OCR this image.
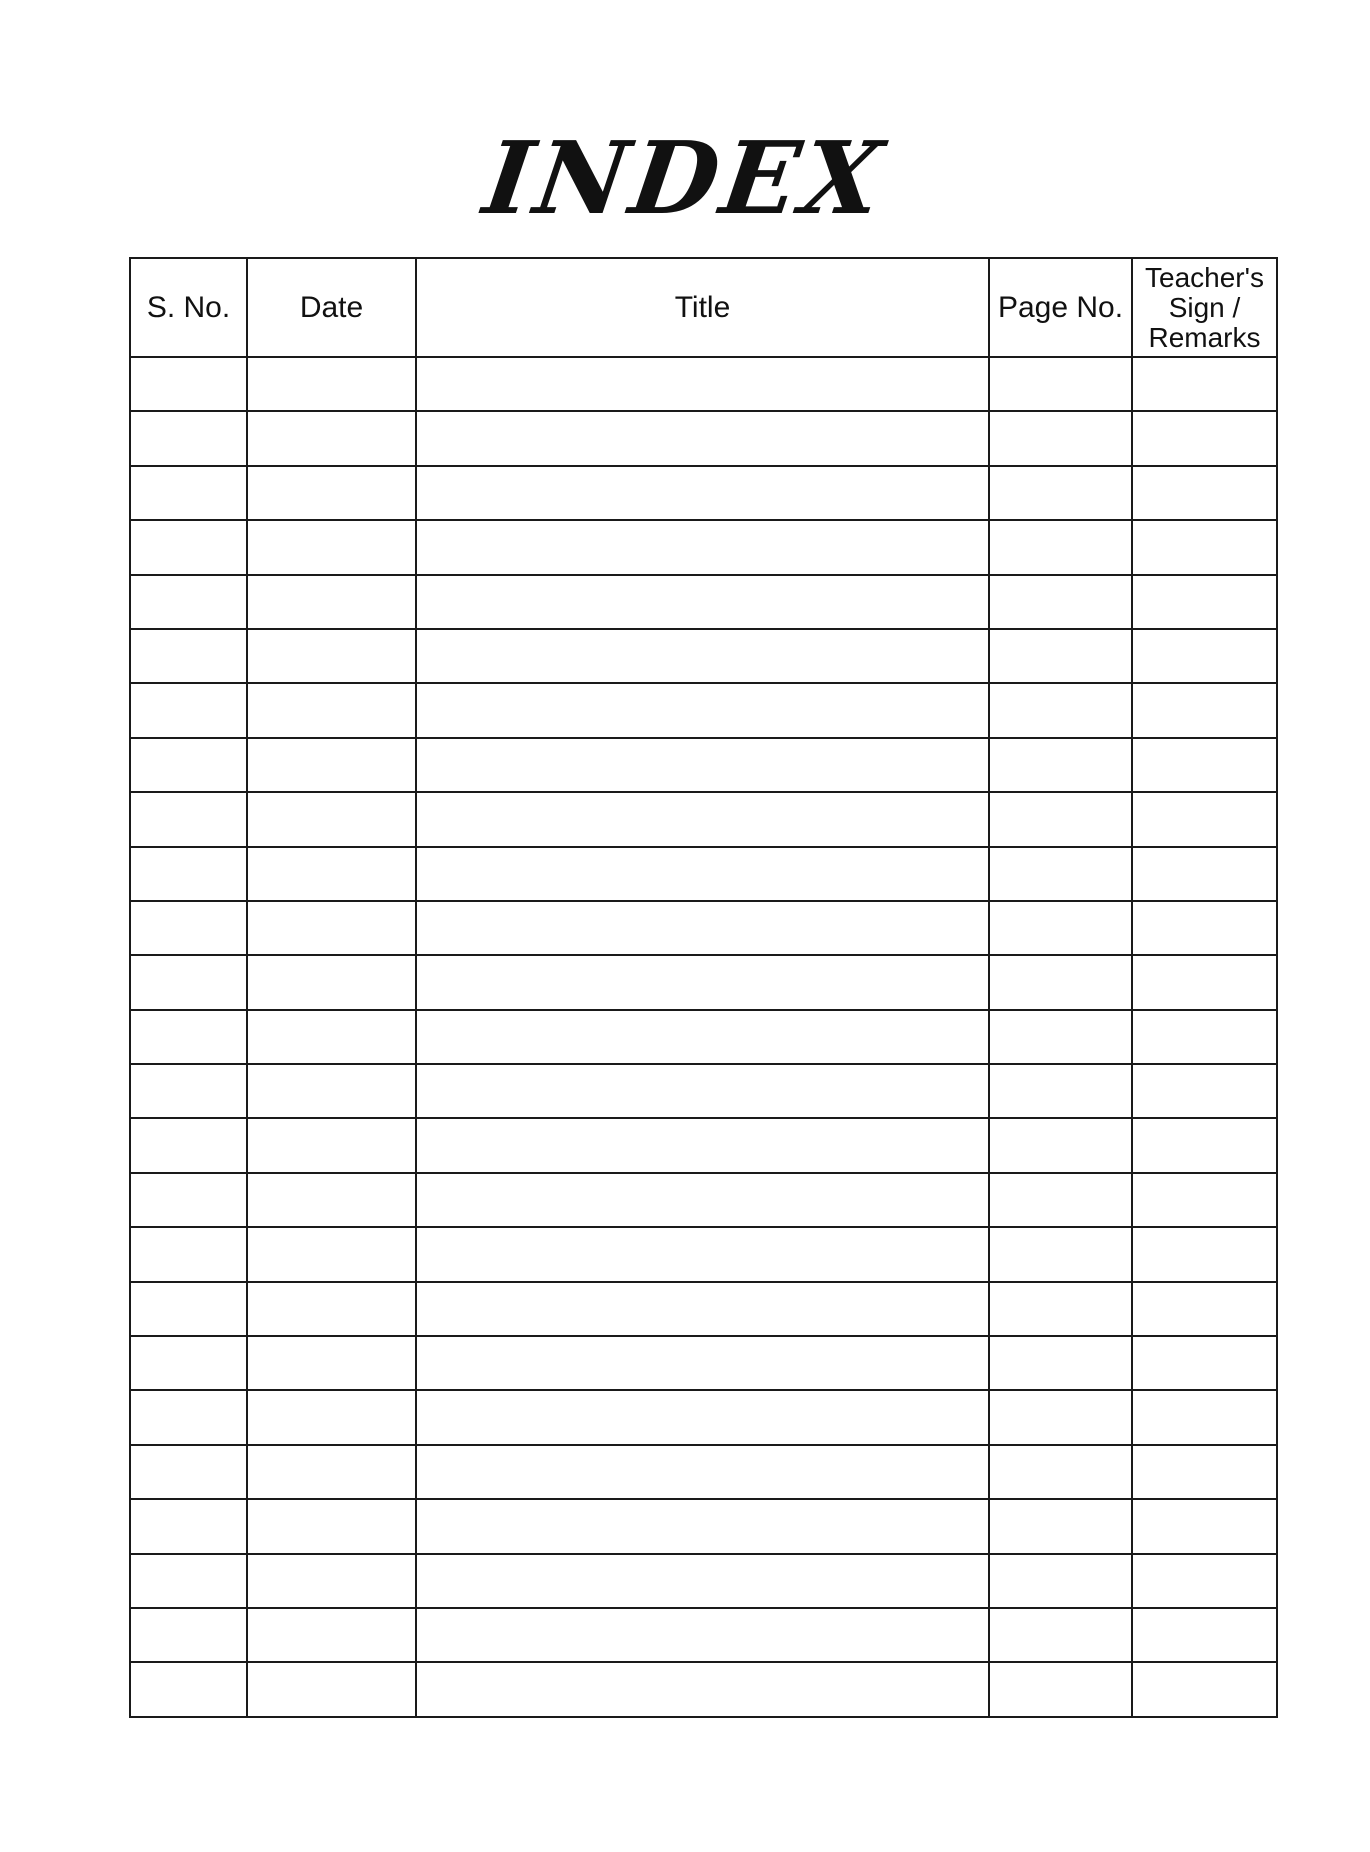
INDEX
S. No.	Date	Title	Page No.	Teacher's
Sign /
Remarks
